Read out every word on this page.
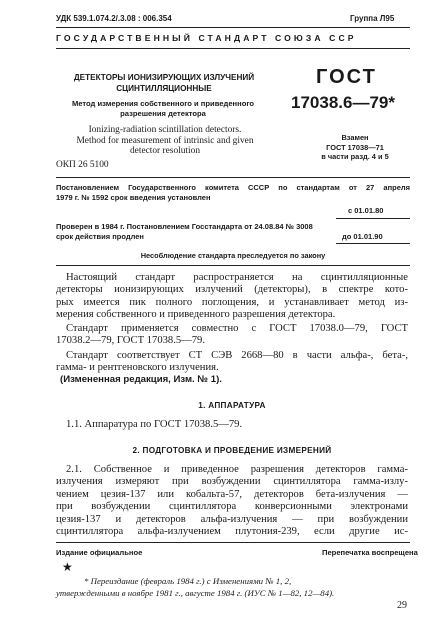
УДК 539.1.074.2/.3.08 : 006.354	Группа Л95
ГОСУДАРСТВЕННЫЙ СТАНДАРТ СОЮЗА ССР
ДЕТЕКТОРЫ ИОНИЗИРУЮЩИХ ИЗЛУЧЕНИЙ
СЦИНТИЛЛЯЦИОННЫЕ
Метод измерения собственного и приведенного
разрешения детектора
Ionizing-radiation scintillation detectors.
Method for measurement of intrinsic and given
detector resolution
ОКП 26 5100
ГОСТ
17038.6—79*
Взамен
ГОСТ 17038—71
в части разд. 4 и 5
Постановлением Государственного комитета СССР по стандартам от 27 апреля
1979 г. № 1592 срок введения установлен
с 01.01.80
Проверен в 1984 г. Постановлением Госстандарта от 24.08.84 № 3008
срок действия продлен	до 01.01.90
Несоблюдение стандарта преследуется по закону
Настоящий стандарт распространяется на сцинтилляционные
детекторы ионизирующих излучений (детекторы), в спектре кото-
рых имеется пик полного поглощения, и устанавливает метод из-
мерения собственного и приведенного разрешения детектора.
Стандарт применяется совместно с ГОСТ 17038.0—79, ГОСТ
17038.2—79, ГОСТ 17038.5—79.
Стандарт соответствует СТ СЭВ 2668—80 в части альфа-, бета-,
гамма- и рентгеновского излучения.
(Измененная редакция, Изм. № 1).
1. АППАРАТУРА
1.1. Аппаратура по ГОСТ 17038.5—79.
2. ПОДГОТОВКА И ПРОВЕДЕНИЕ ИЗМЕРЕНИЙ
2.1. Собственное и приведенное разрешения детекторов гамма-
излучения измеряют при возбуждении сцинтиллятора гамма-излу-
чением цезия-137 или кобальта-57, детекторов бета-излучения —
при возбуждении сцинтиллятора конверсионными электронами
цезия-137 и детекторов альфа-излучения — при возбуждении
сцинтиллятора альфа-излучением плутония-239, если другие ис-
Издание официальное	Перепечатка воспрещена
★
* Переиздание (февраль 1984 г.) с Изменениями № 1, 2,
утвержденными в ноябре 1981 г., августе 1984 г. (ИУС № 1—82, 12—84).
29
